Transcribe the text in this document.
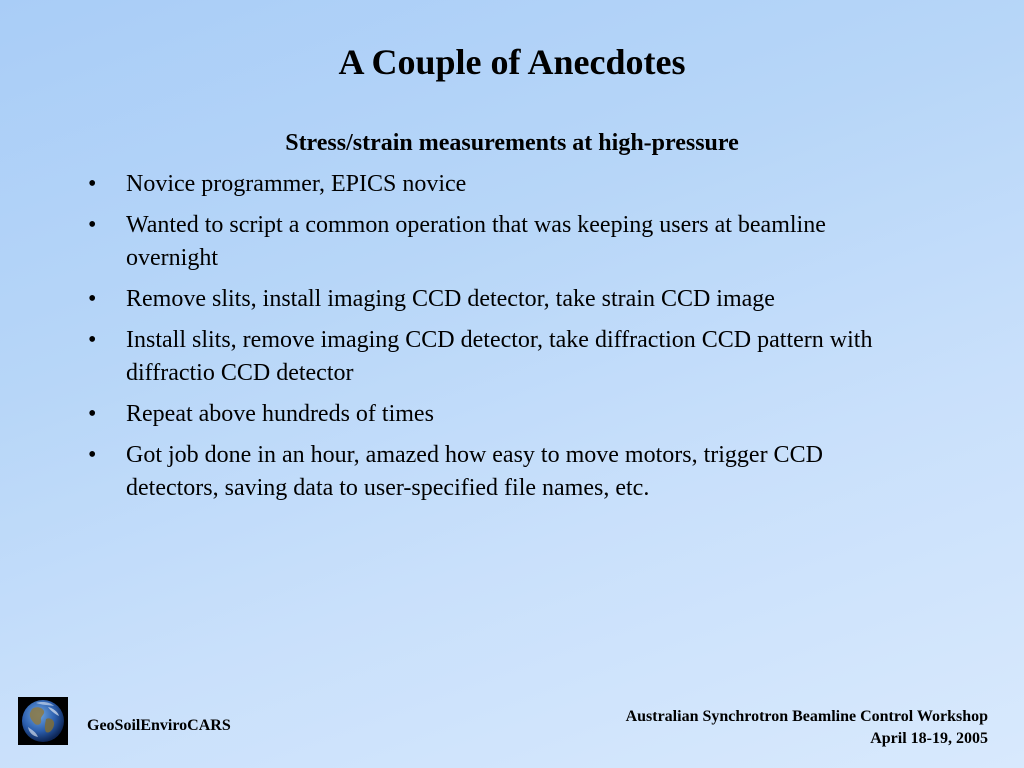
A Couple of Anecdotes
Stress/strain measurements at high-pressure
• Novice programmer, EPICS novice
• Wanted to script a common operation that was keeping users at beamline overnight
• Remove slits, install imaging CCD detector, take strain CCD image
• Install slits, remove imaging CCD detector, take diffraction CCD pattern with diffractio CCD detector
• Repeat above hundreds of times
• Got job done in an hour, amazed how easy to move motors, trigger CCD detectors, saving data to user-specified file names, etc.
GeoSoilEnviroCARS
Australian Synchrotron Beamline Control Workshop
April 18-19, 2005
